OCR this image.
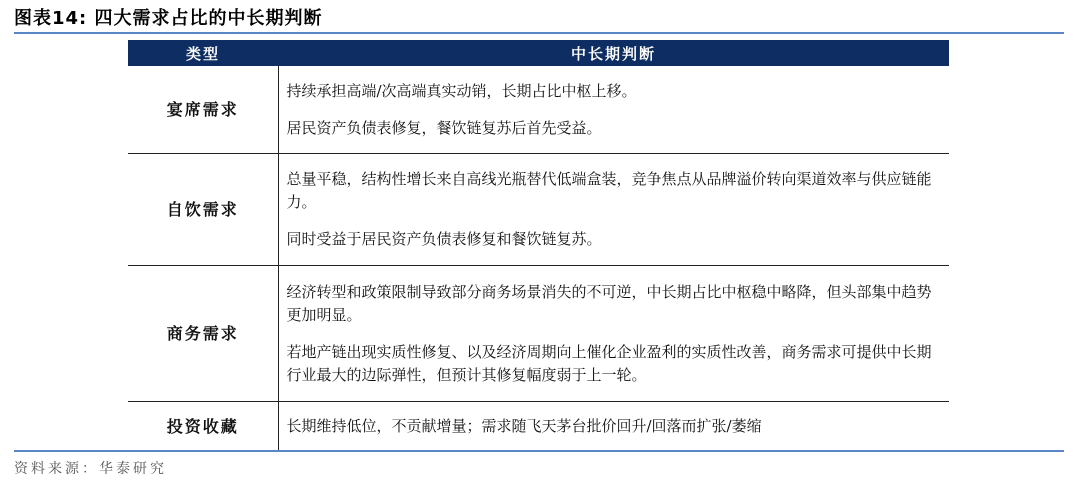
图表14: 四大需求占比的中长期判断
类型	中长期判断
宴席需求	持续承担高端/次高端真实动销，长期占比中枢上移。

居民资产负债表修复，餐饮链复苏后首先受益。

自饮需求	总量平稳，结构性增长来自高线光瓶替代低端盒装，竞争焦点从品牌溢价转向渠道效率与供应链能力。

同时受益于居民资产负债表修复和餐饮链复苏。

商务需求	经济转型和政策限制导致部分商务场景消失的不可逆，中长期占比中枢稳中略降，但头部集中趋势更加明显。

若地产链出现实质性修复、以及经济周期向上催化企业盈利的实质性改善，商务需求可提供中长期行业最大的边际弹性，但预计其修复幅度弱于上一轮。

投资收藏	长期维持低位，不贡献增量；需求随飞天茅台批价回升/回落而扩张/萎缩

资料来源：华泰研究
